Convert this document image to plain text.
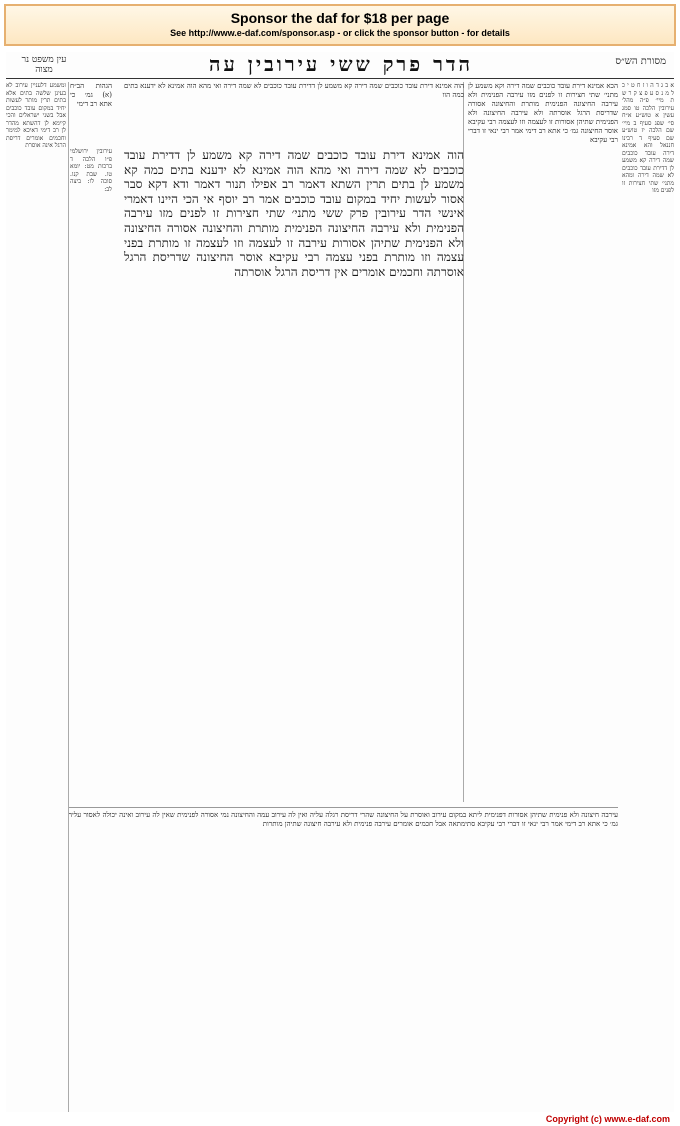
Sponsor the daf for $18 per page
See http://www.e-daf.com/sponsor.asp - or click the sponsor button - for details
מסורת הש״ס
הדר פרק ששי עירובין עה
עין משפט נר מצוה
א ב ג ד ה ו ז ח ט י כ ל מ נ ס ע פ צ ק ר ש ת מיי׳ פ״ה מהל׳ עירובין הלכה טו סמג עשין א טוש״ע א״ח סי׳ שפג סעיף ב מיי׳ שם הלכה יז טוש״ע שם סעיף ד רבינו חננאל והא אמינא דירה עובד כוכבים שמה דירה קא משמע לן דדירת עובד כוכבים לא שמה דירה ומהא מתני׳ שתי חצירות זו לפנים מזו
הכא אמינא דירת עובד כוכבים שמה דירה וקא משמע לן מתני׳ שתי חצירות זו לפנים מזו עירבה הפנימית ולא עירבה החיצונה הפנימית מותרת והחיצונה אסורה שדריסת הרגל אוסרתה ולא עירבה החיצונה ולא הפנימית שתיהן אסורות זו לעצמה וזו לעצמה רבי עקיבא אוסר החיצונה גמ׳ כי אתא רב דימי אמר רבי ינאי זו דברי רבי עקיבא
הוה אמינא דירת עובד כוכבים שמה דירה קא משמע לן דדירת עובד כוכבים לא שמה דירה ואי מהא הוה אמינא לא ידענא בתים כמה הוו
הוה אמינא דירת עובד כוכבים שמה דירה קא משמע לן דדירת עובד כוכבים לא שמה דירה ואי מהא הוה אמינא לא ידענא בתים כמה קא משמע לן בתים תרין השתא דאמר רב אפילו תנור דאמר ודא דקא סבר אסור לעשות יחיד במקום עובד כוכבים אמר רב יוסף אי הכי היינו דאמרי אינשי הדר עירובין פרק ששי מתני׳ שתי חצירות זו לפנים מזו עירבה הפנימית ולא עירבה החיצונה הפנימית מותרת והחיצונה אסורה החיצונה ולא הפנימית שתיהן אסורות עירבה זו לעצמה וזו לעצמה זו מותרת בפני עצמה וזו מותרת בפני עצמה רבי עקיבא אוסר החיצונה שדריסת הרגל אוסרתה וחכמים אומרים אין דריסת הרגל אוסרתה
הגהות הב״ח (א) גמ׳ כי אתא רב דימי
עירובין ירושלמי פ״ו הלכה ד ברכות מט: יומא טו. שבת קנו. סוכה לו: ביצה לב:
עירבה חיצונה ולא פנימית שתיהן אסורות דפנימית ליתא במקום עירוב ואוסרת על החיצונה שהרי דריסת רגלה עליה ואין לה עירוב עמה והחיצונה נמי אסורה לפנימית שאין לה עירוב ואינה יכולה לאסור עליה גמ׳ כי אתא רב דימי אמר רבי ינאי זו דברי רבי עקיבא סתימתאה אבל חכמים אומרים עירבה פנימית ולא עירבה חיצונה שתיהן מותרות
ומשמע דלעניין עירוב לא בעינן שלשה בתים אלא בתים תרין מותר לעשות יחיד במקום עובד כוכבים אבל בשני ישראלים והכי קיימא לן דהשתא מהדר לן רב דימי דאיכא למימר וחכמים אומרים דריסת הרגל אינה אוסרת
Copyright (c) www.e-daf.com
